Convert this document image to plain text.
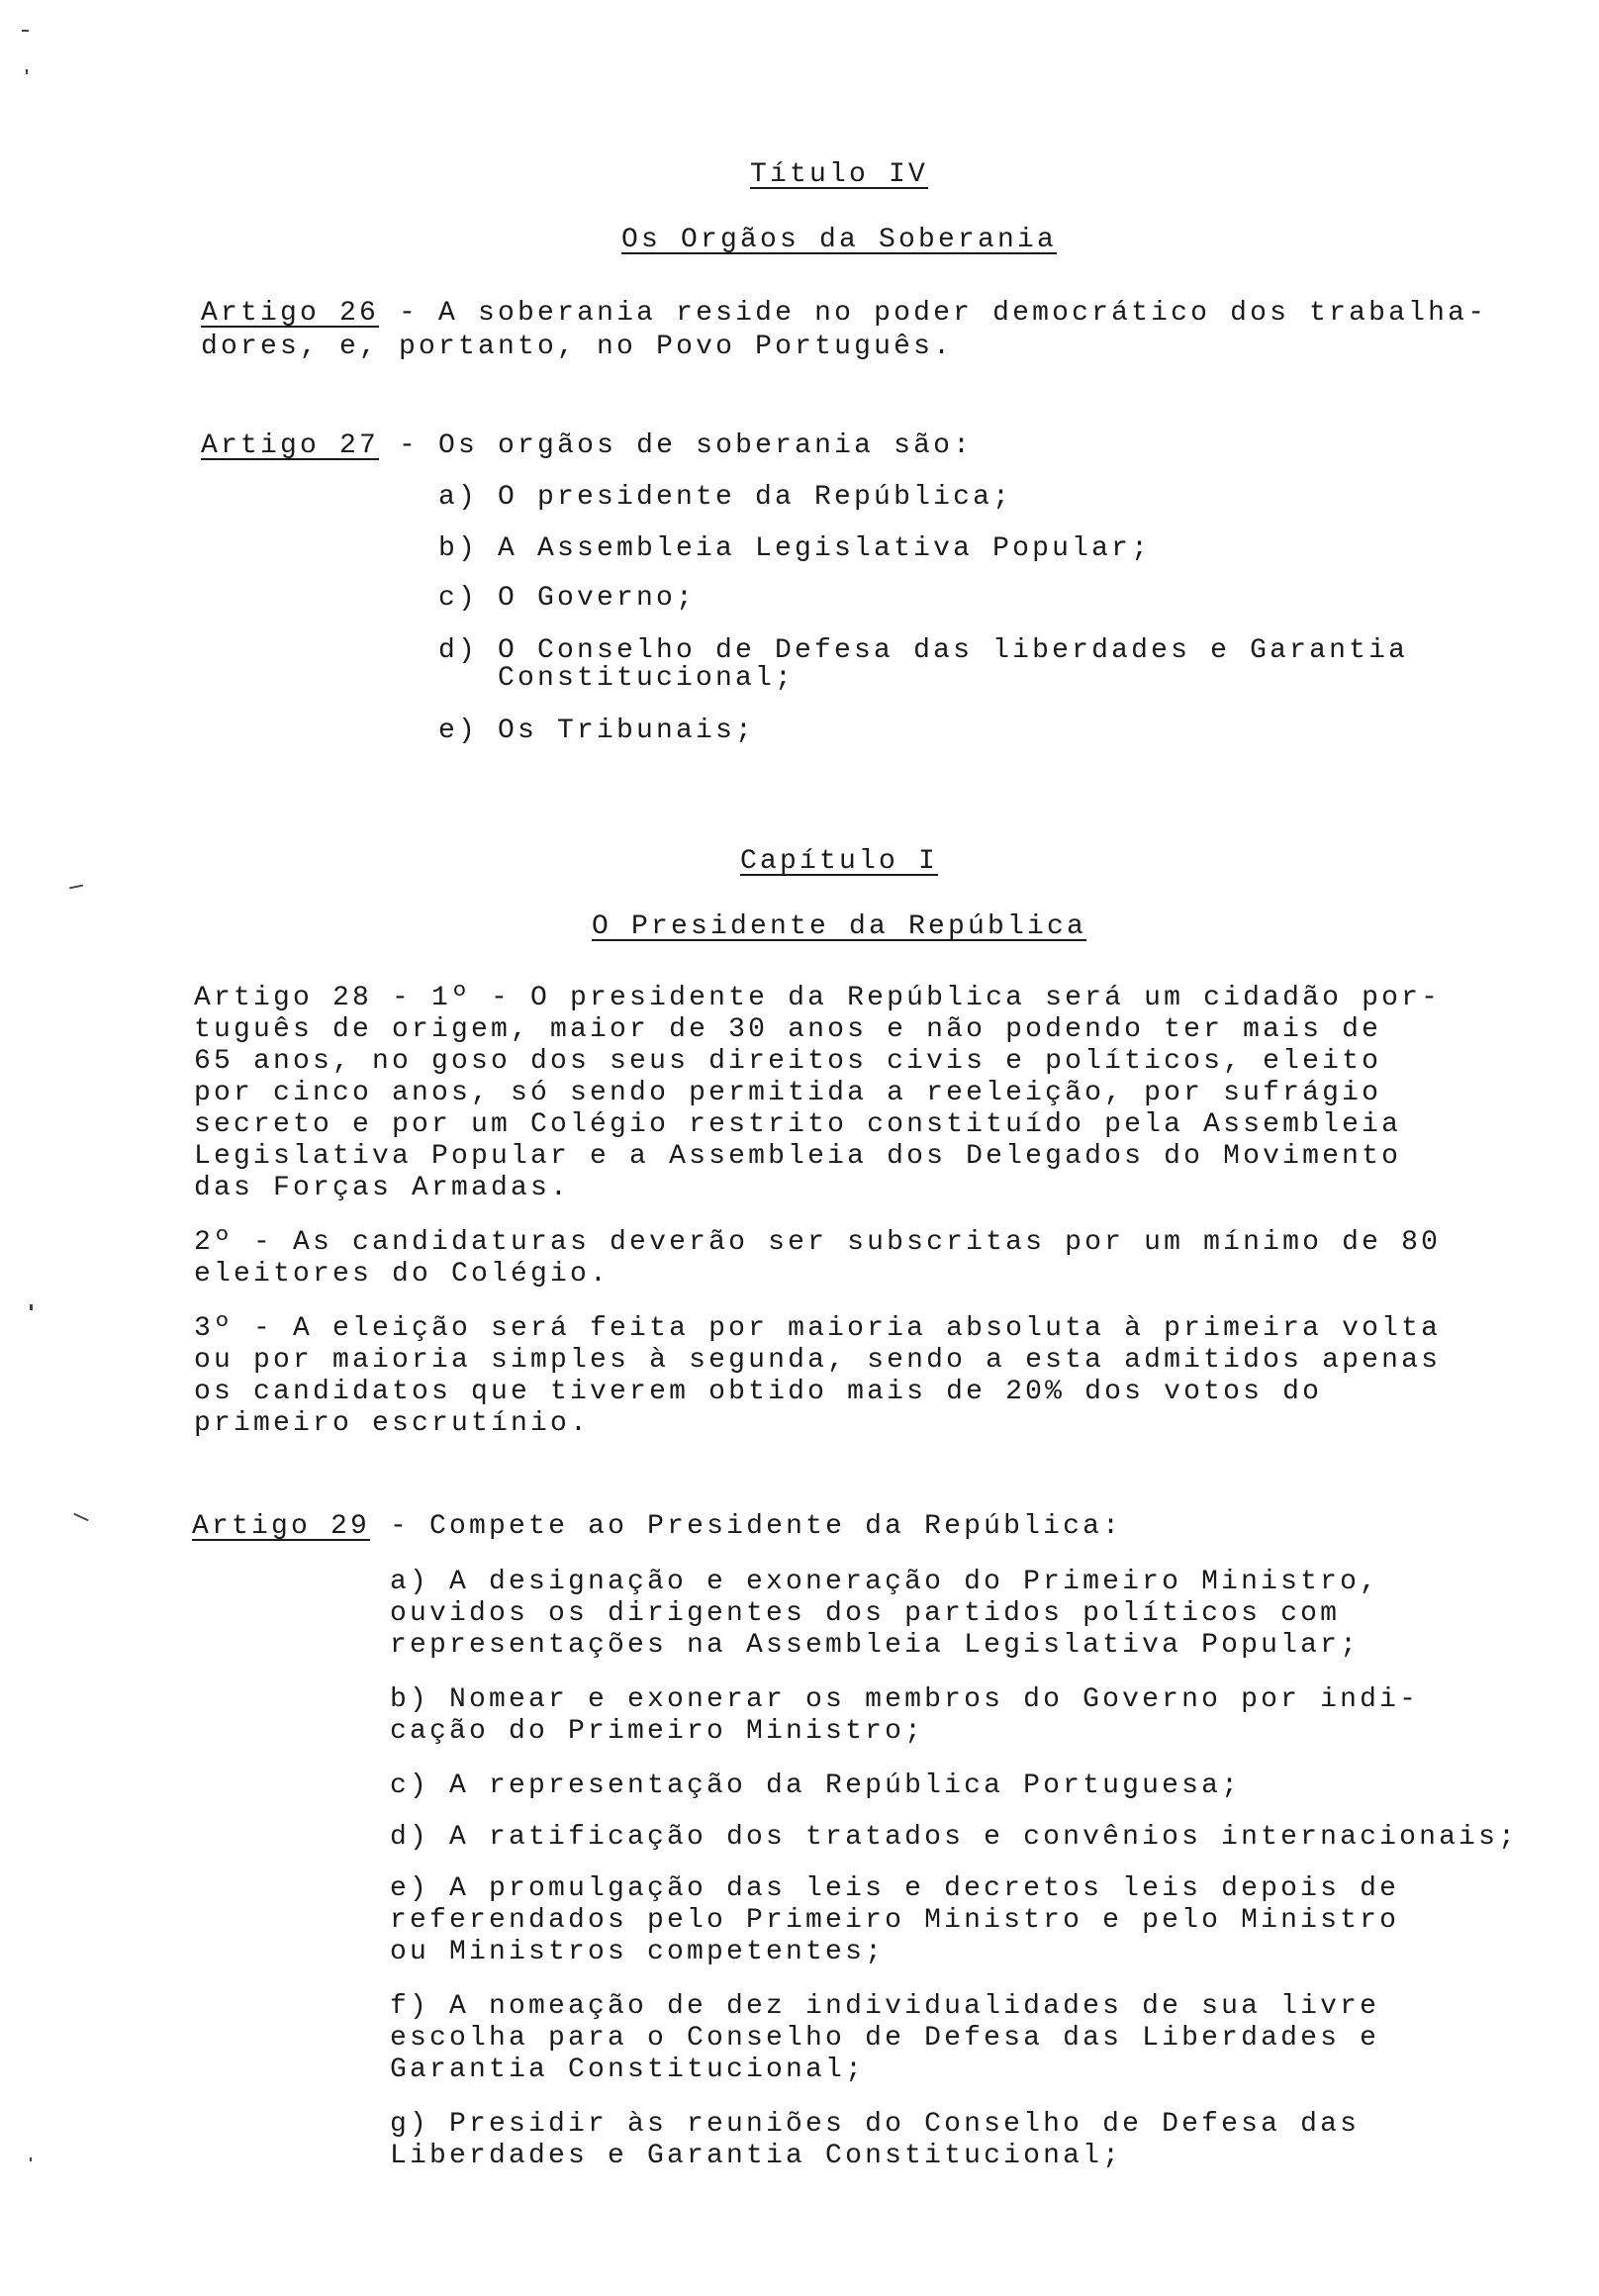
Título IV

Os Orgãos da Soberania

Artigo 26 - A soberania reside no poder democrático dos trabalha-
dores, e, portanto, no Povo Português.
Artigo 27 - Os orgãos de soberania são:
a) O presidente da República;
b) A Assembleia Legislativa Popular;
c) O Governo;
d) O Conselho de Defesa das liberdades e Garantia
Constitucional;
e) Os Tribunais;

Capítulo I

O Presidente da República

Artigo 28 - 1º - O presidente da República será um cidadão por-
tuguês de origem, maior de 30 anos e não podendo ter mais de
65 anos, no goso dos seus direitos civis e políticos, eleito
por cinco anos, só sendo permitida a reeleição, por sufrágio
secreto e por um Colégio restrito constituído pela Assembleia
Legislativa Popular e a Assembleia dos Delegados do Movimento
das Forças Armadas.
2º - As candidaturas deverão ser subscritas por um mínimo de 80
eleitores do Colégio.
3º - A eleição será feita por maioria absoluta à primeira volta
ou por maioria simples à segunda, sendo a esta admitidos apenas
os candidatos que tiverem obtido mais de 20% dos votos do
primeiro escrutínio.
Artigo 29 - Compete ao Presidente da República:
a) A designação e exoneração do Primeiro Ministro,
ouvidos os dirigentes dos partidos políticos com
representações na Assembleia Legislativa Popular;
b) Nomear e exonerar os membros do Governo por indi-
cação do Primeiro Ministro;
c) A representação da República Portuguesa;
d) A ratificação dos tratados e convênios internacionais;
e) A promulgação das leis e decretos leis depois de
referendados pelo Primeiro Ministro e pelo Ministro
ou Ministros competentes;
f) A nomeação de dez individualidades de sua livre
escolha para o Conselho de Defesa das Liberdades e
Garantia Constitucional;
g) Presidir às reuniões do Conselho de Defesa das
Liberdades e Garantia Constitucional;
